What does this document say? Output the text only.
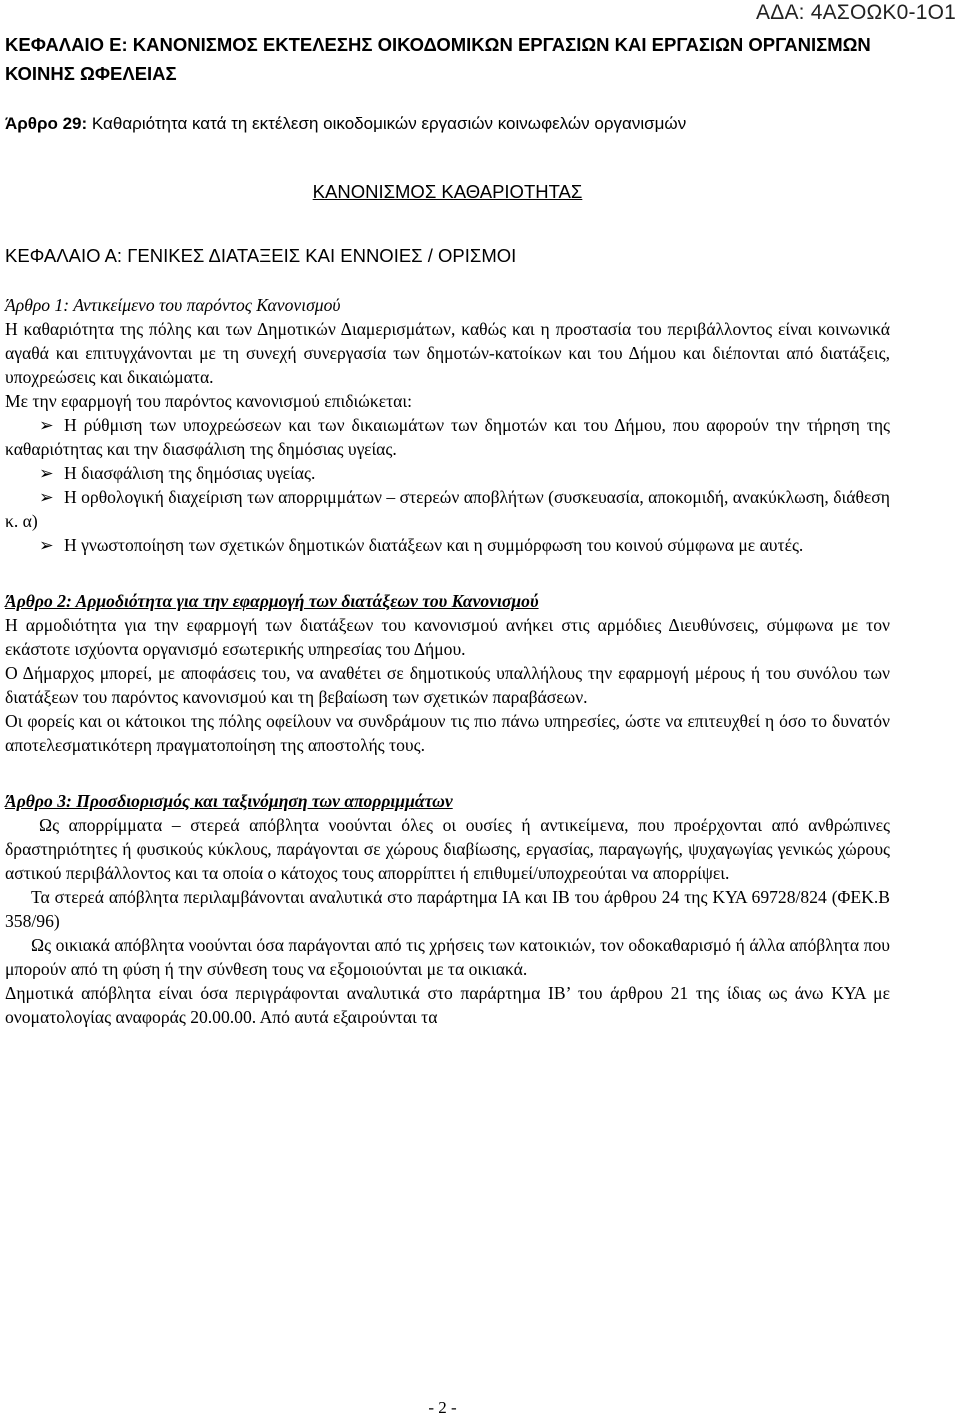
ΑΔΑ: 4ΑΣΟΩΚ0-1Ο1

ΚΕΦΑΛΑΙΟ Ε: ΚΑΝΟΝΙΣΜΟΣ ΕΚΤΕΛΕΣΗΣ ΟΙΚΟΔΟΜΙΚΩΝ ΕΡΓΑΣΙΩΝ ΚΑΙ ΕΡΓΑΣΙΩΝ ΟΡΓΑΝΙΣΜΩΝ ΚΟΙΝΗΣ ΩΦΕΛΕΙΑΣ

Άρθρο 29: Καθαριότητα κατά τη εκτέλεση οικοδομικών εργασιών κοινωφελών οργανισμών

ΚΑΝΟΝΙΣΜΟΣ ΚΑΘΑΡΙΟΤΗΤΑΣ

ΚΕΦΑΛΑΙΟ Α: ΓΕΝΙΚΕΣ ΔΙΑΤΑΞΕΙΣ ΚΑΙ ΕΝΝΟΙΕΣ / ΟΡΙΣΜΟΙ

Άρθρο 1: Αντικείμενο του παρόντος Κανονισμού

Η καθαριότητα της πόλης και των Δημοτικών Διαμερισμάτων, καθώς και η προστασία του περιβάλλοντος είναι κοινωνικά αγαθά και επιτυγχάνονται με τη συνεχή συνεργασία των δημοτών-κατοίκων και του Δήμου και διέπονται από διατάξεις, υποχρεώσεις και δικαιώματα.

Με την εφαρμογή του παρόντος κανονισμού επιδιώκεται:

➢ Η ρύθμιση των υποχρεώσεων και των δικαιωμάτων των δημοτών και του Δήμου, που αφορούν την τήρηση της καθαριότητας και την διασφάλιση της δημόσιας υγείας.

➢ Η διασφάλιση της δημόσιας υγείας.

➢ Η ορθολογική διαχείριση των απορριμμάτων – στερεών αποβλήτων (συσκευασία, αποκομιδή, ανακύκλωση, διάθεση κ. α)

➢ Η γνωστοποίηση των σχετικών δημοτικών διατάξεων και η συμμόρφωση του κοινού σύμφωνα με αυτές.

Άρθρο 2: Αρμοδιότητα για την εφαρμογή των διατάξεων του Κανονισμού

Η αρμοδιότητα για την εφαρμογή των διατάξεων του κανονισμού ανήκει στις αρμόδιες Διευθύνσεις, σύμφωνα με τον εκάστοτε ισχύοντα οργανισμό εσωτερικής υπηρεσίας του Δήμου.

Ο Δήμαρχος μπορεί, με αποφάσεις του, να αναθέτει σε δημοτικούς υπαλλήλους την εφαρμογή μέρους ή του συνόλου των διατάξεων του παρόντος κανονισμού και τη βεβαίωση των σχετικών παραβάσεων.

Οι φορείς και οι κάτοικοι της πόλης οφείλουν να συνδράμουν τις πιο πάνω υπηρεσίες, ώστε να επιτευχθεί η όσο το δυνατόν αποτελεσματικότερη πραγματοποίηση της αποστολής τους.

Άρθρο 3: Προσδιορισμός και ταξινόμηση των απορριμμάτων

Ως απορρίμματα – στερεά απόβλητα νοούνται όλες οι ουσίες ή αντικείμενα, που προέρχονται από ανθρώπινες δραστηριότητες ή φυσικούς κύκλους, παράγονται σε χώρους διαβίωσης, εργασίας, παραγωγής, ψυχαγωγίας γενικώς χώρους αστικού περιβάλλοντος και τα οποία ο κάτοχος τους απορρίπτει ή επιθυμεί/υποχρεούται να απορρίψει.

Τα στερεά απόβλητα περιλαμβάνονται αναλυτικά στο παράρτημα ΙΑ και ΙΒ του άρθρου 24 της ΚΥΑ 69728/824 (ΦΕΚ.Β 358/96)

Ως οικιακά απόβλητα νοούνται όσα παράγονται από τις χρήσεις των κατοικιών, τον οδοκαθαρισμό ή άλλα απόβλητα που μπορούν από τη φύση ή την σύνθεση τους να εξομοιούνται με τα οικιακά.

Δημοτικά απόβλητα είναι όσα περιγράφονται αναλυτικά στο παράρτημα ΙΒ’ του άρθρου 21 της ίδιας ως άνω ΚΥΑ με ονοματολογίας αναφοράς 20.00.00. Από αυτά εξαιρούνται τα

- 2 -
